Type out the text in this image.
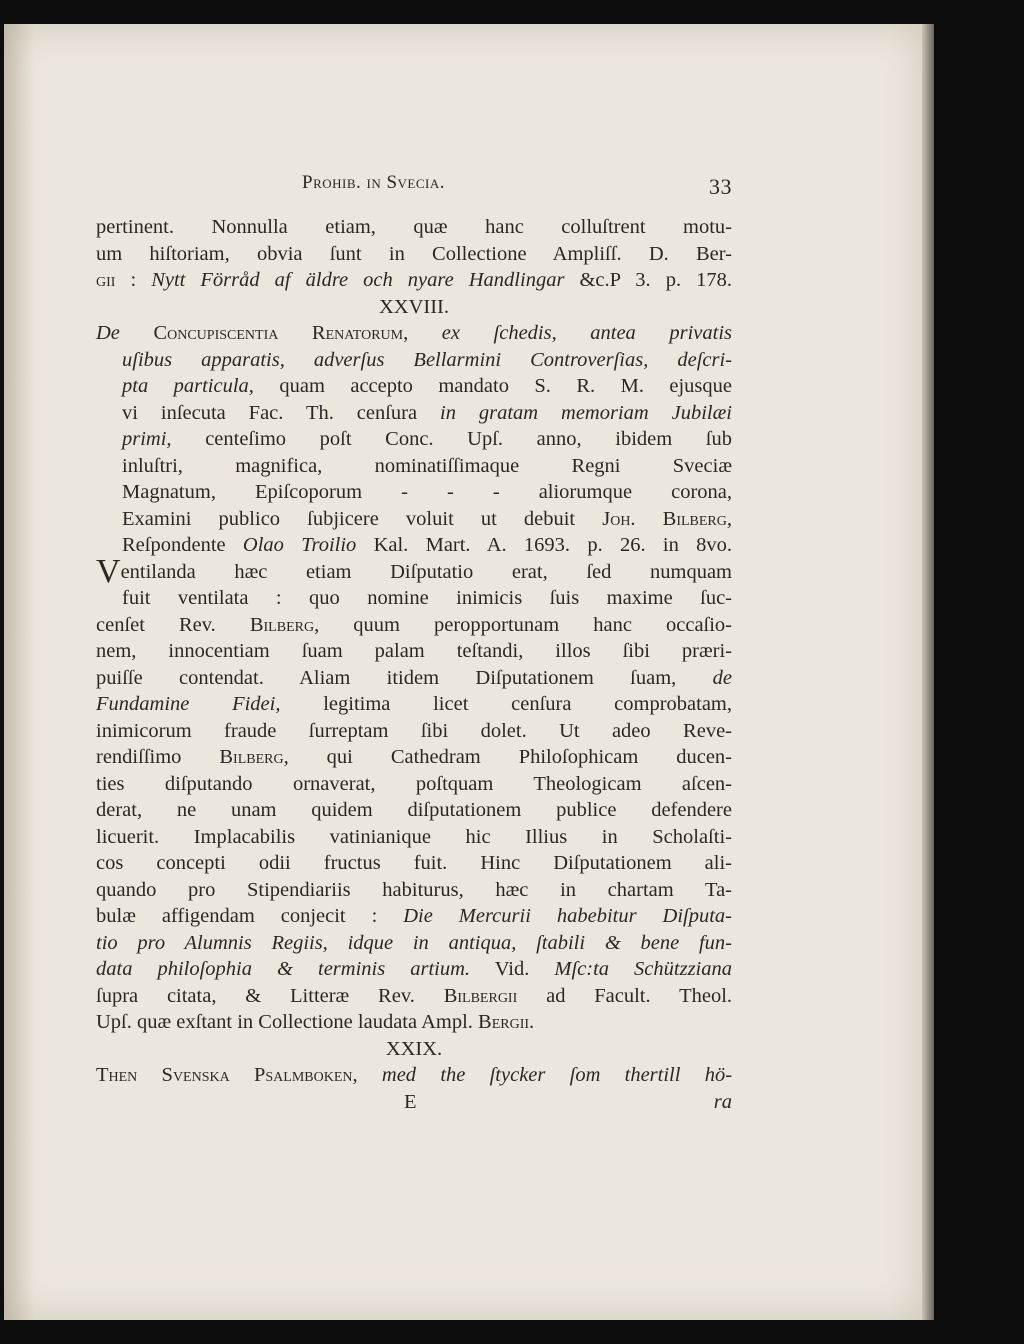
Prohib. in Svecia.	33
pertinent. Nonnulla etiam, quæ hanc colluſtrent motu-
um hiſtoriam, obvia ſunt in Collectione Ampliſſ. D. Ber-
gii : Nytt Förråd af äldre och nyare Handlingar &c.P 3. p. 178.
XXVIII.
De Concupiscentia Renatorum, ex ſchedis, antea privatis
uſibus apparatis, adverſus Bellarmini Controverſias, deſcri-
pta particula, quam accepto mandato S. R. M. ejusque
vi inſecuta Fac. Th. cenſura in gratam memoriam Jubilæi
primi, centeſimo poſt Conc. Upſ. anno, ibidem ſub
inluſtri, magnifica, nominatiſſimaque Regni Sveciæ
Magnatum, Epiſcoporum - - - aliorumque corona,
Examini publico ſubjicere voluit ut debuit Joh. Bilberg,
Reſpondente Olao Troilio Kal. Mart. A. 1693. p. 26. in 8vo.
Ventilanda hæc etiam Diſputatio erat, ſed numquam
fuit ventilata : quo nomine inimicis ſuis maxime ſuc-
cenſet Rev. Bilberg, quum peropportunam hanc occaſio-
nem, innocentiam ſuam palam teſtandi, illos ſibi præri-
puiſſe contendat. Aliam itidem Diſputationem ſuam, de
Fundamine Fidei, legitima licet cenſura comprobatam,
inimicorum fraude ſurreptam ſibi dolet. Ut adeo Reve-
rendiſſimo Bilberg, qui Cathedram Philoſophicam ducen-
ties diſputando ornaverat, poſtquam Theologicam aſcen-
derat, ne unam quidem diſputationem publice defendere
licuerit. Implacabilis vatinianique hic Illius in Scholaſti-
cos concepti odii fructus fuit. Hinc Diſputationem ali-
quando pro Stipendiariis habiturus, hæc in chartam Ta-
bulæ affigendam conjecit : Die Mercurii habebitur Diſputa-
tio pro Alumnis Regiis, idque in antiqua, ſtabili & bene fun-
data philoſophia & terminis artium. Vid. Mſc:ta Schützziana
ſupra citata, & Litteræ Rev. Bilbergii ad Facult. Theol.
Upſ. quæ exſtant in Collectione laudata Ampl. Bergii.
XXIX.
Then Svenska Psalmboken, med the ſtycker ſom thertill hö-
E	ra
